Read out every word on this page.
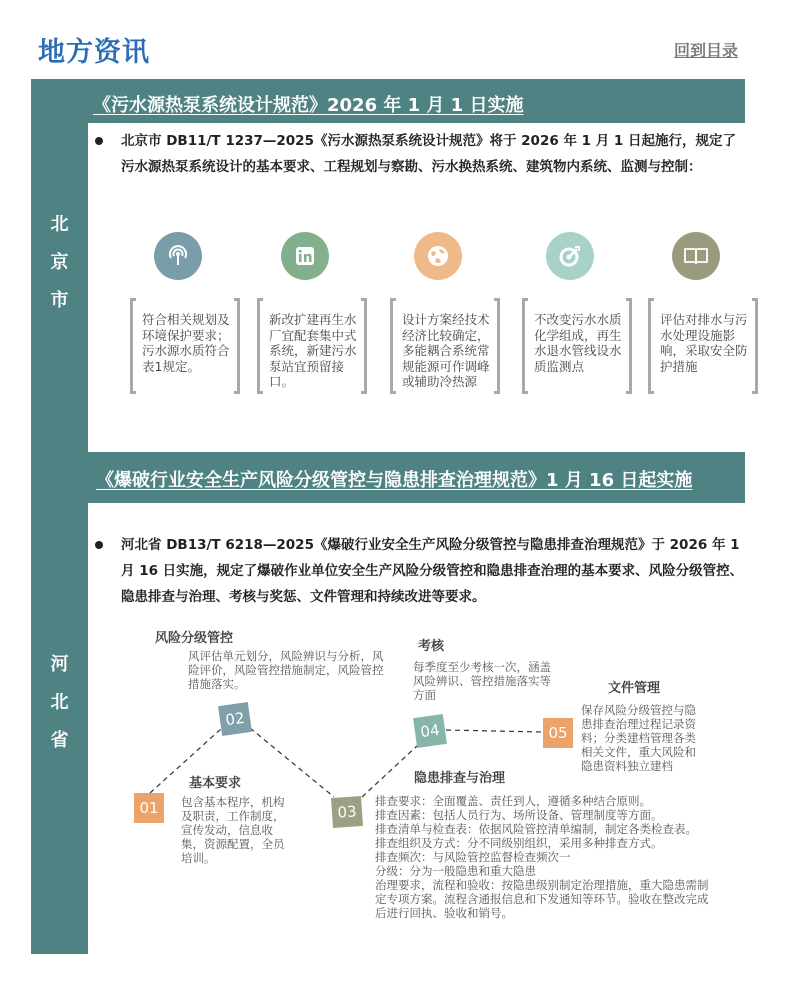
地方资讯	回到目录
《污水源热泵系统设计规范》2026 年 1 月 1 日实施
北
京
市
北京市 DB11/T 1237—2025《污水源热泵系统设计规范》将于 2026 年 1 月 1 日起施行，规定了污水源热泵系统设计的基本要求、工程规划与察勘、污水换热系统、建筑物内系统、监测与控制：
符合相关规划及环境保护要求；污水源水质符合表1规定。
新改扩建再生水厂宜配套集中式系统，新建污水泵站宜预留接口。
设计方案经技术经济比较确定，多能耦合系统常规能源可作调峰或辅助冷热源
不改变污水水质化学组成，再生水退水管线设水质监测点
评估对排水与污水处理设施影响，采取安全防护措施
《爆破行业安全生产风险分级管控与隐患排查治理规范》1 月 16 日起实施
河
北
省
河北省 DB13/T 6218—2025《爆破行业安全生产风险分级管控与隐患排查治理规范》于 2026 年 1 月 16 日实施，规定了爆破作业单位安全生产风险分级管控和隐患排查治理的基本要求、风险分级管控、 隐患排查与治理、考核与奖惩、文件管理和持续改进等要求。
01
基本要求
包含基本程序，机构及职责，工作制度，宣传发动，信息收集，资源配置，全员培训。
02
风险分级管控
风评估单元划分，风险辨识与分析，风险评价，风险管控措施制定，风险管控措施落实。
03
隐患排查与治理
排查要求：全面覆盖、责任到人，遵循多种结合原则。
排查因素：包括人员行为、场所设备、管理制度等方面。
排查清单与检查表：依据风险管控清单编制，制定各类检查表。
排查组织及方式：分不同级别组织，采用多种排查方式。
排查频次：与风险管控监督检查频次一
分级：分为一般隐患和重大隐患
治理要求，流程和验收：按隐患级别制定治理措施，重大隐患需制定专项方案。流程含通报信息和下发通知等环节。验收在整改完成后进行回执、验收和销号。
04
考核
每季度至少考核一次，涵盖风险辨识、管控措施落实等方面
05
文件管理
保存风险分级管控与隐患排查治理过程记录资料；分类建档管理各类相关文件，重大风险和隐患资料独立建档
